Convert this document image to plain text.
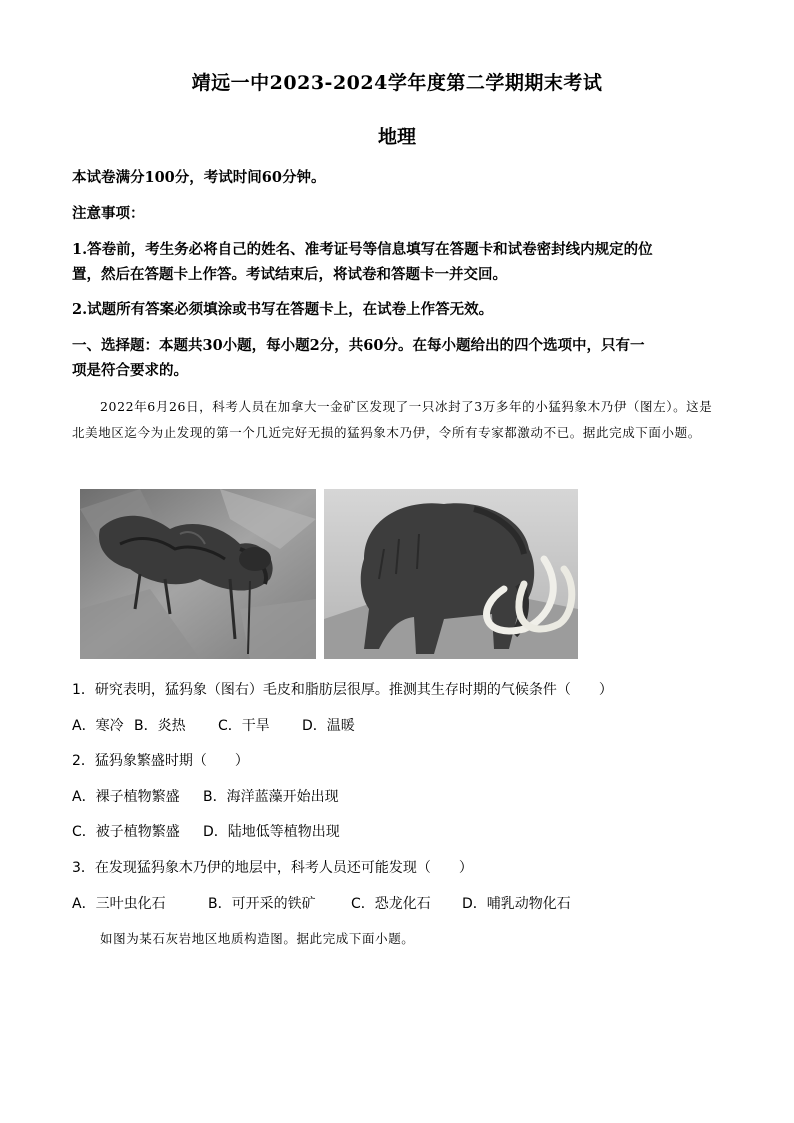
靖远一中2023-2024学年度第二学期期末考试
地理
本试卷满分100分，考试时间60分钟。
注意事项：
1.答卷前，考生务必将自己的姓名、准考证号等信息填写在答题卡和试卷密封线内规定的位
置，然后在答题卡上作答。考试结束后，将试卷和答题卡一并交回。
2.试题所有答案必须填涂或书写在答题卡上，在试卷上作答无效。
一、选择题：本题共30小题，每小题2分，共60分。在每小题给出的四个选项中，只有一
项是符合要求的。
2022年6月26日，科考人员在加拿大一金矿区发现了一只冰封了3万多年的小猛犸象木乃伊（图左）。这是北美地区迄今为止发现的第一个几近完好无损的猛犸象木乃伊，令所有专家都激动不已。据此完成下面小题。
1．研究表明，猛犸象（图右）毛皮和脂肪层很厚。推测其生存时期的气候条件（　　）
A．寒冷 B．炎热 C．干旱 D．温暖
2．猛犸象繁盛时期（　　）
A．裸子植物繁盛 B．海洋蓝藻开始出现
C．被子植物繁盛 D．陆地低等植物出现
3．在发现猛犸象木乃伊的地层中，科考人员还可能发现（　　）
A．三叶虫化石	B．可开采的铁矿	C．恐龙化石 D．哺乳动物化石
如图为某石灰岩地区地质构造图。据此完成下面小题。
